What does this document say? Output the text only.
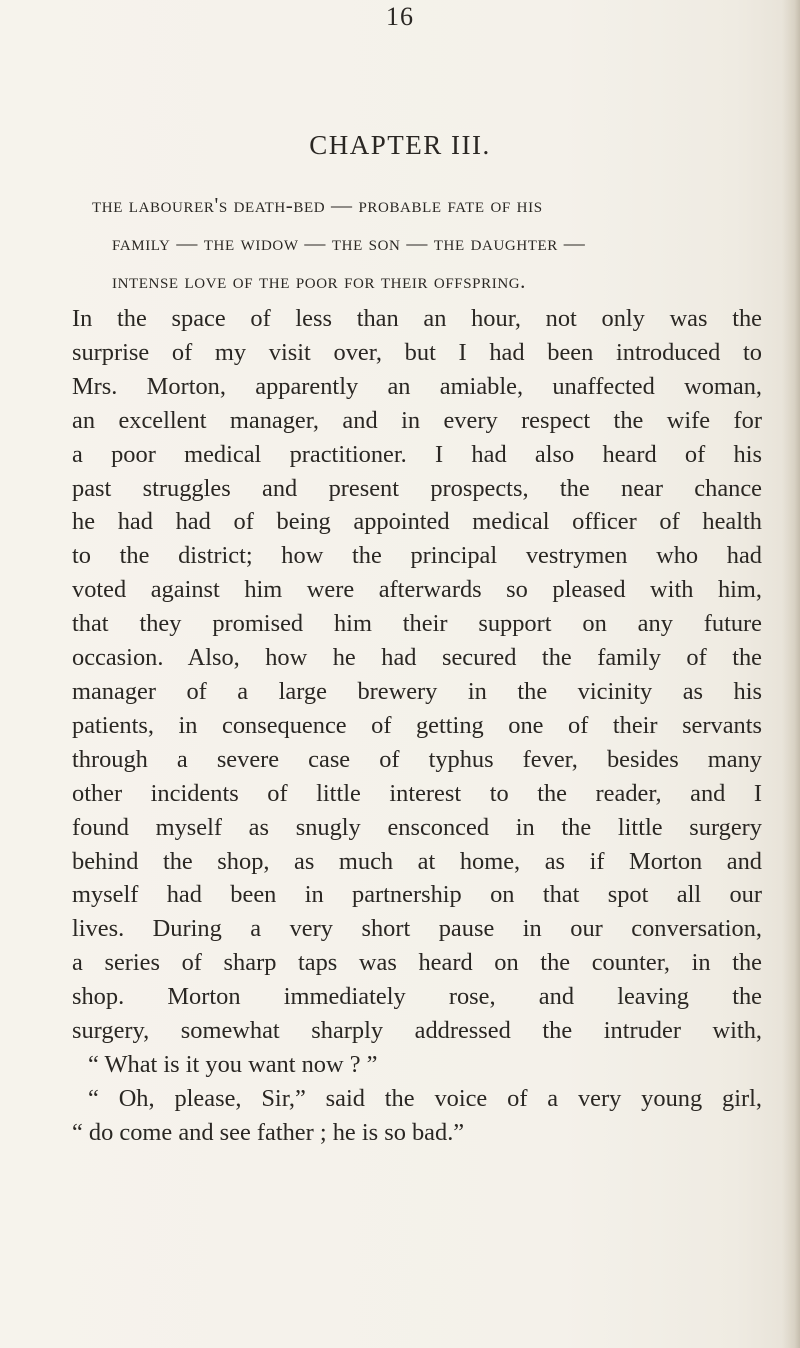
16
CHAPTER III.
the labourer's death-bed — probable fate of his
family — the widow — the son — the daughter —
intense love of the poor for their offspring.
In the space of less than an hour, not only was the
surprise of my visit over, but I had been introduced to
Mrs. Morton, apparently an amiable, unaffected woman,
an excellent manager, and in every respect the wife for
a poor medical practitioner. I had also heard of his
past struggles and present prospects, the near chance
he had had of being appointed medical officer of health
to the district; how the principal vestrymen who had
voted against him were afterwards so pleased with him,
that they promised him their support on any future
occasion. Also, how he had secured the family of the
manager of a large brewery in the vicinity as his
patients, in consequence of getting one of their servants
through a severe case of typhus fever, besides many
other incidents of little interest to the reader, and I
found myself as snugly ensconced in the little surgery
behind the shop, as much at home, as if Morton and
myself had been in partnership on that spot all our
lives. During a very short pause in our conversation,
a series of sharp taps was heard on the counter, in the
shop. Morton immediately rose, and leaving the
surgery, somewhat sharply addressed the intruder with,
“ What is it you want now ? ”
“ Oh, please, Sir,” said the voice of a very young girl,
“ do come and see father ; he is so bad.”
